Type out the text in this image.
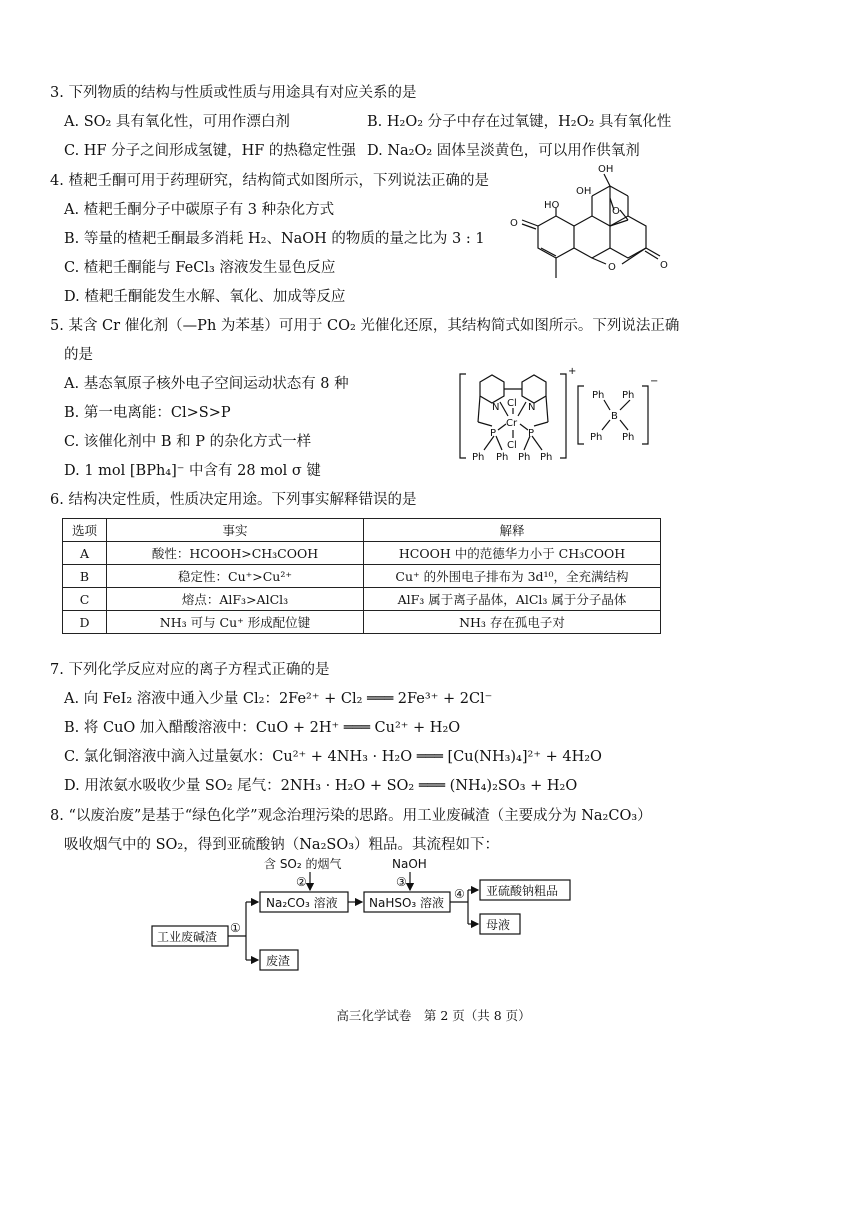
3. 下列物质的结构与性质或性质与用途具有对应关系的是
A. SO₂ 具有氧化性，可用作漂白剂	B. H₂O₂ 分子中存在过氧键，H₂O₂ 具有氧化性
C. HF 分子之间形成氢键，HF 的热稳定性强 D. Na₂O₂ 固体呈淡黄色，可以用作供氧剂
4. 楂耙壬酮可用于药理研究，结构简式如图所示，下列说法正确的是
A. 楂耙壬酮分子中碳原子有 3 种杂化方式
B. 等量的楂耙壬酮最多消耗 H₂、NaOH 的物质的量之比为 3 : 1
C. 楂耙壬酮能与 FeCl₃ 溶液发生显色反应
D. 楂耙壬酮能发生水解、氧化、加成等反应
O
HO
OH
OH
O
O	O
5. 某含 Cr 催化剂（—Ph 为苯基）可用于 CO₂ 光催化还原，其结构简式如图所示。下列说法正确
的是
A. 基态氧原子核外电子空间运动状态有 8 种
B. 第一电离能：Cl>S>P
C. 该催化剂中 B 和 P 的杂化方式一样
D. 1 mol [BPh₄]⁻ 中含有 28 mol σ 键
Cl
N	N
Cr
Cl
P	P
Ph Ph Ph Ph
+
Ph Ph
B
Ph Ph
−
6. 结构决定性质，性质决定用途。下列事实解释错误的是
选项	事实	解释
A	酸性：HCOOH>CH₃COOH	HCOOH 中的范德华力小于 CH₃COOH
B	稳定性：Cu⁺>Cu²⁺	Cu⁺ 的外围电子排布为 3d¹⁰，全充满结构
C	熔点：AlF₃>AlCl₃	AlF₃ 属于离子晶体，AlCl₃ 属于分子晶体
D	NH₃ 可与 Cu⁺ 形成配位键	NH₃ 存在孤电子对
7. 下列化学反应对应的离子方程式正确的是
A. 向 FeI₂ 溶液中通入少量 Cl₂：2Fe²⁺ + Cl₂ ═══ 2Fe³⁺ + 2Cl⁻
B. 将 CuO 加入醋酸溶液中：CuO + 2H⁺ ═══ Cu²⁺ + H₂O
C. 氯化铜溶液中滴入过量氨水：Cu²⁺ + 4NH₃ · H₂O ═══ [Cu(NH₃)₄]²⁺ + 4H₂O
D. 用浓氨水吸收少量 SO₂ 尾气：2NH₃ · H₂O + SO₂ ═══ (NH₄)₂SO₃ + H₂O
8. “以废治废”是基于“绿色化学”观念治理污染的思路。用工业废碱渣（主要成分为 Na₂CO₃）
吸收烟气中的 SO₂，得到亚硫酸钠（Na₂SO₃）粗品。其流程如下：
工业废碱渣
①
Na₂CO₃ 溶液
废渣
含 SO₂ 的烟气
②
NaOH
③
NaHSO₃ 溶液
④ 亚硫酸钠粗品
母液
高三化学试卷　第 2 页（共 8 页）
